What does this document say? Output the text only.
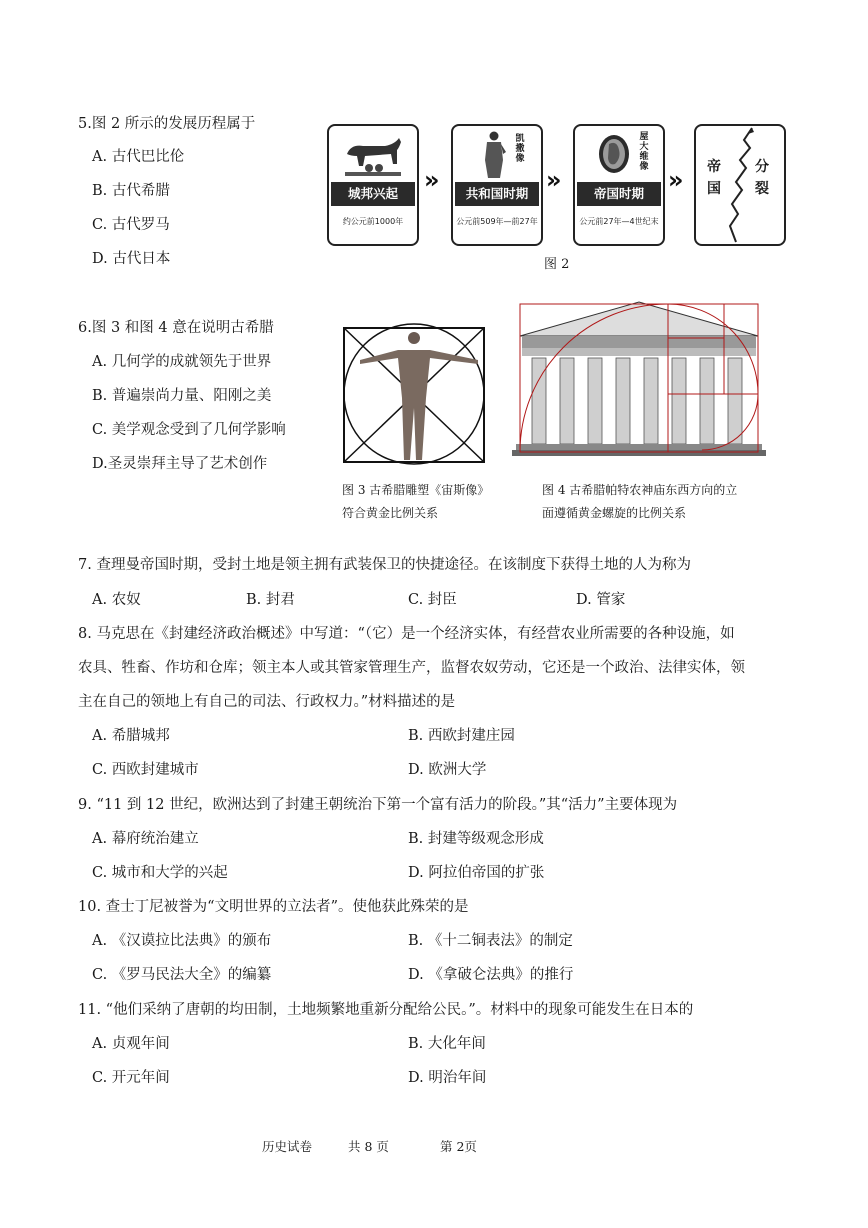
5.图 2 所示的发展历程属于
A. 古代巴比伦
B. 古代希腊
C. 古代罗马
D. 古代日本
城邦兴起
约公元前1000年
»
凯撒像
共和国时期
公元前509年—前27年
»
屋大维像
帝国时期
公元前27年—4世纪末
» 帝国
分裂
图 2
6.图 3 和图 4 意在说明古希腊
A. 几何学的成就领先于世界
B. 普遍崇尚力量、阳刚之美
C. 美学观念受到了几何学影响
D.圣灵崇拜主导了艺术创作
图 3 古希腊雕塑《宙斯像》
符合黄金比例关系
图 4 古希腊帕特农神庙东西方向的立
面遵循黄金螺旋的比例关系
7. 查理曼帝国时期，受封土地是领主拥有武装保卫的快捷途径。在该制度下获得土地的人为称为
A. 农奴	B. 封君	C. 封臣	D. 管家
8. 马克思在《封建经济政治概述》中写道：“（它）是一个经济实体，有经营农业所需要的各种设施，如
农具、牲畜、作坊和仓库；领主本人或其管家管理生产，监督农奴劳动，它还是一个政治、法律实体，领
主在自己的领地上有自己的司法、行政权力。”材料描述的是
A. 希腊城邦	B. 西欧封建庄园
C. 西欧封建城市	D. 欧洲大学
9. “11 到 12 世纪，欧洲达到了封建王朝统治下第一个富有活力的阶段。”其“活力”主要体现为
A. 幕府统治建立	B. 封建等级观念形成
C. 城市和大学的兴起	D. 阿拉伯帝国的扩张
10. 查士丁尼被誉为“文明世界的立法者”。使他获此殊荣的是
A. 《汉谟拉比法典》的颁布	B. 《十二铜表法》的制定
C. 《罗马民法大全》的编纂	D. 《拿破仑法典》的推行
11. “他们采纳了唐朝的均田制，土地频繁地重新分配给公民。”。材料中的现象可能发生在日本的
A. 贞观年间	B. 大化年间
C. 开元年间	D. 明治年间
历史试卷	共 8 页	第 2页
